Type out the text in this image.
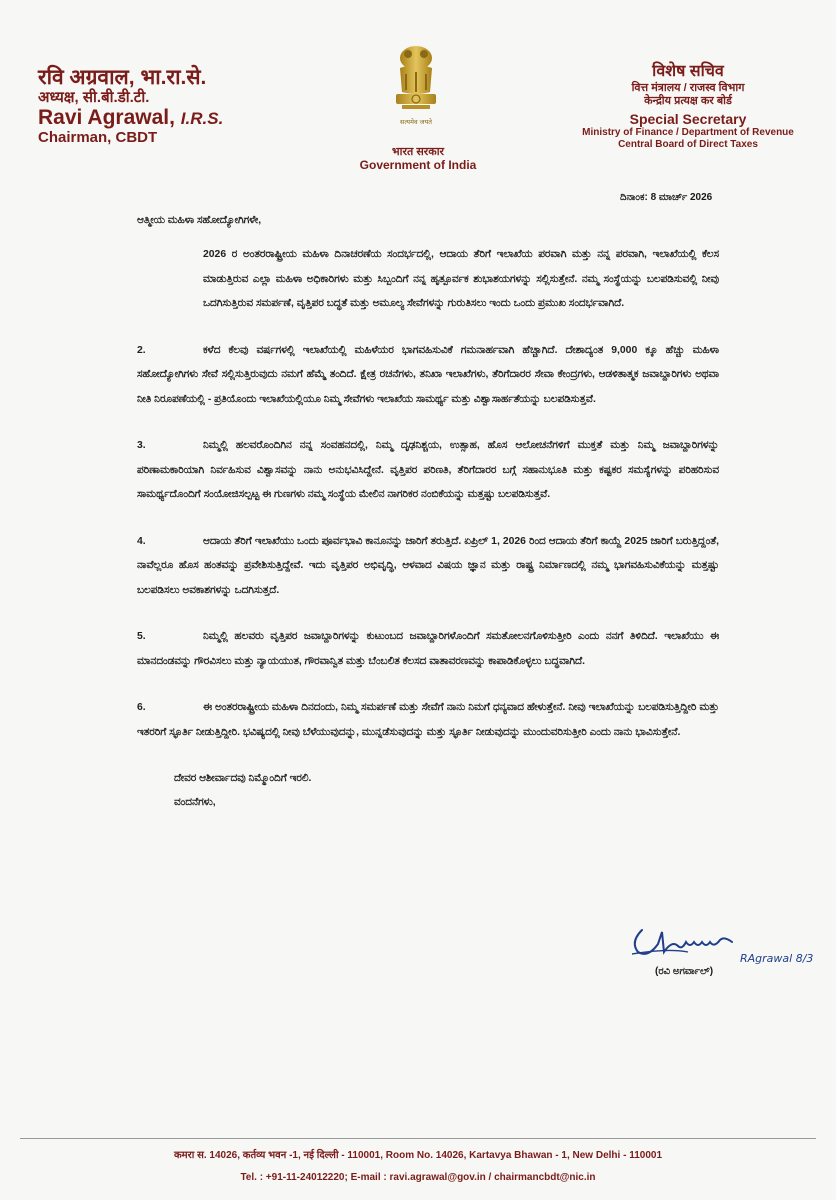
रवि अग्रवाल, भा.रा.से.
अध्यक्ष, सी.बी.डी.टी.
Ravi Agrawal, I.R.S.
Chairman, CBDT
सत्यमेव जयते
भारत सरकार
Government of India
विशेष सचिव
वित्त मंत्रालय / राजस्व विभाग
केन्द्रीय प्रत्यक्ष कर बोर्ड
Special Secretary
Ministry of Finance / Department of Revenue
Central Board of Direct Taxes
ದಿನಾಂಕ: 8 ಮಾರ್ಚ್ 2026
ಆತ್ಮೀಯ ಮಹಿಳಾ ಸಹೋದ್ಯೋಗಿಗಳೇ,
2026 ರ ಅಂತರರಾಷ್ಟ್ರೀಯ ಮಹಿಳಾ ದಿನಾಚರಣೆಯ ಸಂದರ್ಭದಲ್ಲಿ, ಆದಾಯ ತೆರಿಗೆ ಇಲಾಖೆಯ ಪರವಾಗಿ ಮತ್ತು ನನ್ನ ಪರವಾಗಿ, ಇಲಾಖೆಯಲ್ಲಿ ಕೆಲಸ ಮಾಡುತ್ತಿರುವ ಎಲ್ಲಾ ಮಹಿಳಾ ಅಧಿಕಾರಿಗಳು ಮತ್ತು ಸಿಬ್ಬಂದಿಗೆ ನನ್ನ ಹೃತ್ಪೂರ್ವಕ ಶುಭಾಶಯಗಳನ್ನು ಸಲ್ಲಿಸುತ್ತೇನೆ. ನಮ್ಮ ಸಂಸ್ಥೆಯನ್ನು ಬಲಪಡಿಸುವಲ್ಲಿ ನೀವು ಒದಗಿಸುತ್ತಿರುವ ಸಮರ್ಪಣೆ, ವೃತ್ತಿಪರ ಬದ್ಧತೆ ಮತ್ತು ಅಮೂಲ್ಯ ಸೇವೆಗಳನ್ನು ಗುರುತಿಸಲು ಇಂದು ಒಂದು ಪ್ರಮುಖ ಸಂದರ್ಭವಾಗಿದೆ.
2.	ಕಳೆದ ಕೆಲವು ವರ್ಷಗಳಲ್ಲಿ ಇಲಾಖೆಯಲ್ಲಿ ಮಹಿಳೆಯರ ಭಾಗವಹಿಸುವಿಕೆ ಗಮನಾರ್ಹವಾಗಿ ಹೆಚ್ಚಾಗಿದೆ. ದೇಶಾದ್ಯಂತ 9,000 ಕ್ಕೂ ಹೆಚ್ಚು ಮಹಿಳಾ ಸಹೋದ್ಯೋಗಿಗಳು ಸೇವೆ ಸಲ್ಲಿಸುತ್ತಿರುವುದು ನಮಗೆ ಹೆಮ್ಮೆ ತಂದಿದೆ. ಕ್ಷೇತ್ರ ರಚನೆಗಳು, ತನಿಖಾ ಇಲಾಖೆಗಳು, ತೆರಿಗೆದಾರರ ಸೇವಾ ಕೇಂದ್ರಗಳು, ಆಡಳಿತಾತ್ಮಕ ಜವಾಬ್ದಾರಿಗಳು ಅಥವಾ ನೀತಿ ನಿರೂಪಣೆಯಲ್ಲಿ - ಪ್ರತಿಯೊಂದು ಇಲಾಖೆಯಲ್ಲಿಯೂ ನಿಮ್ಮ ಸೇವೆಗಳು ಇಲಾಖೆಯ ಸಾಮರ್ಥ್ಯ ಮತ್ತು ವಿಶ್ವಾಸಾರ್ಹತೆಯನ್ನು ಬಲಪಡಿಸುತ್ತವೆ.
3.	ನಿಮ್ಮಲ್ಲಿ ಹಲವರೊಂದಿಗಿನ ನನ್ನ ಸಂವಹನದಲ್ಲಿ, ನಿಮ್ಮ ದೃಢನಿಶ್ಚಯ, ಉತ್ಸಾಹ, ಹೊಸ ಆಲೋಚನೆಗಳಿಗೆ ಮುಕ್ತತೆ ಮತ್ತು ನಿಮ್ಮ ಜವಾಬ್ದಾರಿಗಳನ್ನು ಪರಿಣಾಮಕಾರಿಯಾಗಿ ನಿರ್ವಹಿಸುವ ವಿಶ್ವಾಸವನ್ನು ನಾನು ಅನುಭವಿಸಿದ್ದೇನೆ. ವೃತ್ತಿಪರ ಪರಿಣತಿ, ತೆರಿಗೆದಾರರ ಬಗ್ಗೆ ಸಹಾನುಭೂತಿ ಮತ್ತು ಕಷ್ಟಕರ ಸಮಸ್ಯೆಗಳನ್ನು ಪರಿಹರಿಸುವ ಸಾಮರ್ಥ್ಯದೊಂದಿಗೆ ಸಂಯೋಜಿಸಲ್ಪಟ್ಟ ಈ ಗುಣಗಳು ನಮ್ಮ ಸಂಸ್ಥೆಯ ಮೇಲಿನ ನಾಗರಿಕರ ನಂಬಿಕೆಯನ್ನು ಮತ್ತಷ್ಟು ಬಲಪಡಿಸುತ್ತವೆ.
4.	ಆದಾಯ ತೆರಿಗೆ ಇಲಾಖೆಯು ಒಂದು ಪೂರ್ವಭಾವಿ ಕಾನೂನನ್ನು ಜಾರಿಗೆ ತರುತ್ತಿದೆ. ಏಪ್ರಿಲ್ 1, 2026 ರಿಂದ ಆದಾಯ ತೆರಿಗೆ ಕಾಯ್ದೆ 2025 ಜಾರಿಗೆ ಬರುತ್ತಿದ್ದಂತೆ, ನಾವೆಲ್ಲರೂ ಹೊಸ ಹಂತವನ್ನು ಪ್ರವೇಶಿಸುತ್ತಿದ್ದೇವೆ. ಇದು ವೃತ್ತಿಪರ ಅಭಿವೃದ್ಧಿ, ಆಳವಾದ ವಿಷಯ ಜ್ಞಾನ ಮತ್ತು ರಾಷ್ಟ್ರ ನಿರ್ಮಾಣದಲ್ಲಿ ನಮ್ಮ ಭಾಗವಹಿಸುವಿಕೆಯನ್ನು ಮತ್ತಷ್ಟು ಬಲಪಡಿಸಲು ಅವಕಾಶಗಳನ್ನು ಒದಗಿಸುತ್ತದೆ.
5.	ನಿಮ್ಮಲ್ಲಿ ಹಲವರು ವೃತ್ತಿಪರ ಜವಾಬ್ದಾರಿಗಳನ್ನು ಕುಟುಂಬದ ಜವಾಬ್ದಾರಿಗಳೊಂದಿಗೆ ಸಮತೋಲನಗೊಳಿಸುತ್ತೀರಿ ಎಂದು ನನಗೆ ತಿಳಿದಿದೆ. ಇಲಾಖೆಯು ಈ ಮಾನದಂಡವನ್ನು ಗೌರವಿಸಲು ಮತ್ತು ನ್ಯಾಯಯುತ, ಗೌರವಾನ್ವಿತ ಮತ್ತು ಬೆಂಬಲಿತ ಕೆಲಸದ ವಾತಾವರಣವನ್ನು ಕಾಪಾಡಿಕೊಳ್ಳಲು ಬದ್ಧವಾಗಿದೆ.
6.	ಈ ಅಂತರರಾಷ್ಟ್ರೀಯ ಮಹಿಳಾ ದಿನದಂದು, ನಿಮ್ಮ ಸಮರ್ಪಣೆ ಮತ್ತು ಸೇವೆಗೆ ನಾನು ನಿಮಗೆ ಧನ್ಯವಾದ ಹೇಳುತ್ತೇನೆ. ನೀವು ಇಲಾಖೆಯನ್ನು ಬಲಪಡಿಸುತ್ತಿದ್ದೀರಿ ಮತ್ತು ಇತರರಿಗೆ ಸ್ಫೂರ್ತಿ ನೀಡುತ್ತಿದ್ದೀರಿ. ಭವಿಷ್ಯದಲ್ಲಿ ನೀವು ಬೆಳೆಯುವುದನ್ನು, ಮುನ್ನಡೆಸುವುದನ್ನು ಮತ್ತು ಸ್ಫೂರ್ತಿ ನೀಡುವುದನ್ನು ಮುಂದುವರಿಸುತ್ತೀರಿ ಎಂದು ನಾನು ಭಾವಿಸುತ್ತೇನೆ.
ದೇವರ ಆಶೀರ್ವಾದವು ನಿಮ್ಮೊಂದಿಗೆ ಇರಲಿ.
ವಂದನೆಗಳು,
RAgrawal 8/3
(ರವಿ ಅಗರ್ವಾಲ್)
कमरा स. 14026, कर्तव्य भवन -1, नई दिल्ली - 110001, Room No. 14026, Kartavya Bhawan - 1, New Delhi - 110001
Tel. : +91-11-24012220; E-mail : ravi.agrawal@gov.in / chairmancbdt@nic.in
